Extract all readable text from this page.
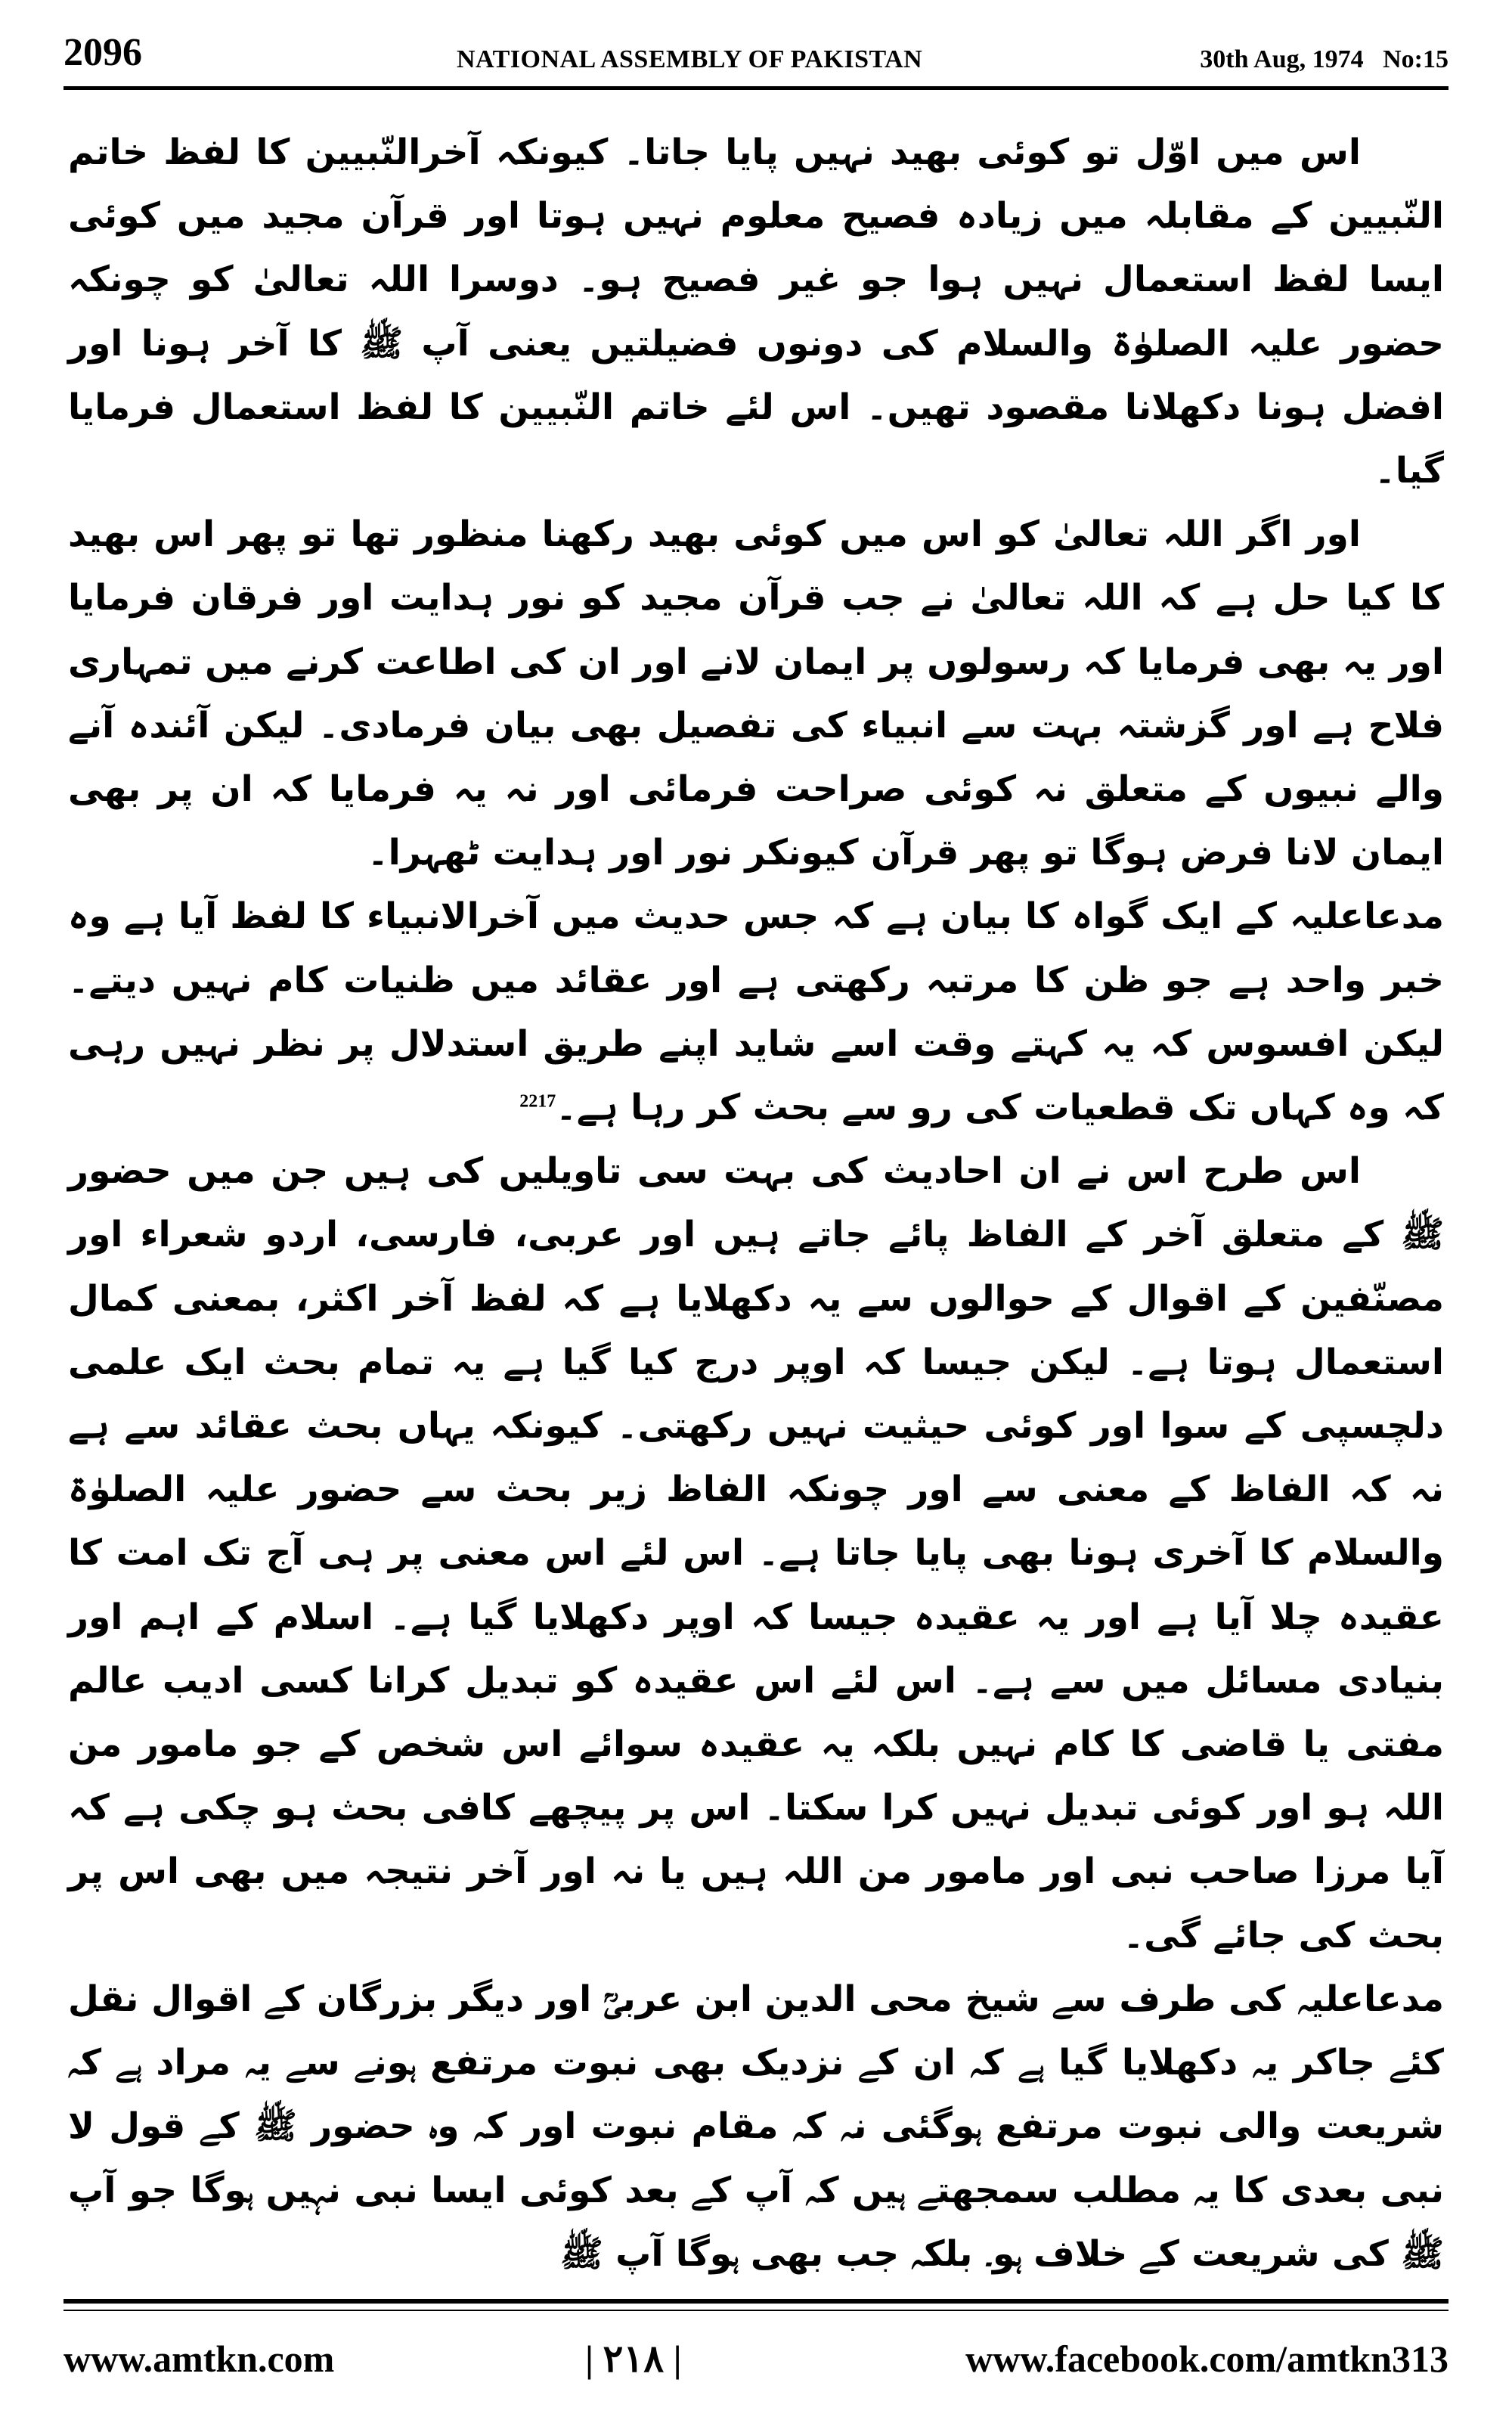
2096	NATIONAL ASSEMBLY OF PAKISTAN	30th Aug, 1974   No:15

اس میں اوّل تو کوئی بھید نہیں پایا جاتا۔ کیونکہ آخرالنّبیین کا لفظ خاتم النّبیین کے مقابلہ میں زیادہ فصیح معلوم نہیں ہوتا اور قرآن مجید میں کوئی ایسا لفظ استعمال نہیں ہوا جو غیر فصیح ہو۔ دوسرا اللہ تعالیٰ کو چونکہ حضور علیہ الصلوٰۃ والسلام کی دونوں فضیلتیں یعنی آپ ﷺ کا آخر ہونا اور افضل ہونا دکھلانا مقصود تھیں۔ اس لئے خاتم النّبیین کا لفظ استعمال فرمایا گیا۔

اور اگر اللہ تعالیٰ کو اس میں کوئی بھید رکھنا منظور تھا تو پھر اس بھید کا کیا حل ہے کہ اللہ تعالیٰ نے جب قرآن مجید کو نور ہدایت اور فرقان فرمایا اور یہ بھی فرمایا کہ رسولوں پر ایمان لانے اور ان کی اطاعت کرنے میں تمہاری فلاح ہے اور گزشتہ بہت سے انبیاء کی تفصیل بھی بیان فرمادی۔ لیکن آئندہ آنے والے نبیوں کے متعلق نہ کوئی صراحت فرمائی اور نہ یہ فرمایا کہ ان پر بھی ایمان لانا فرض ہوگا تو پھر قرآن کیونکر نور اور ہدایت ٹھہرا۔

مدعاعلیہ کے ایک گواہ کا بیان ہے کہ جس حدیث میں آخرالانبیاء کا لفظ آیا ہے وہ خبر واحد ہے جو ظن کا مرتبہ رکھتی ہے اور عقائد میں ظنیات کام نہیں دیتے۔ لیکن افسوس کہ یہ کہتے وقت اسے شاید اپنے طریق استدلال پر نظر نہیں رہی کہ وہ کہاں تک قطعیات کی رو سے بحث کر رہا ہے۔$^{2217}$

اس طرح اس نے ان احادیث کی بہت سی تاویلیں کی ہیں جن میں حضور ﷺ کے متعلق آخر کے الفاظ پائے جاتے ہیں اور عربی، فارسی، اردو شعراء اور مصنّفین کے اقوال کے حوالوں سے یہ دکھلایا ہے کہ لفظ آخر اکثر، بمعنی کمال استعمال ہوتا ہے۔ لیکن جیسا کہ اوپر درج کیا گیا ہے یہ تمام بحث ایک علمی دلچسپی کے سوا اور کوئی حیثیت نہیں رکھتی۔ کیونکہ یہاں بحث عقائد سے ہے نہ کہ الفاظ کے معنی سے اور چونکہ الفاظ زیر بحث سے حضور علیہ الصلوٰۃ والسلام کا آخری ہونا بھی پایا جاتا ہے۔ اس لئے اس معنی پر ہی آج تک امت کا عقیدہ چلا آیا ہے اور یہ عقیدہ جیسا کہ اوپر دکھلایا گیا ہے۔ اسلام کے اہم اور بنیادی مسائل میں سے ہے۔ اس لئے اس عقیدہ کو تبدیل کرانا کسی ادیب عالم مفتی یا قاضی کا کام نہیں بلکہ یہ عقیدہ سوائے اس شخص کے جو مامور من اللہ ہو اور کوئی تبدیل نہیں کرا سکتا۔ اس پر پیچھے کافی بحث ہو چکی ہے کہ آیا مرزا صاحب نبی اور مامور من اللہ ہیں یا نہ اور آخر نتیجہ میں بھی اس پر بحث کی جائے گی۔

مدعاعلیہ کی طرف سے شیخ محی الدین ابن عربیؒ اور دیگر بزرگان کے اقوال نقل کئے جاکر یہ دکھلایا گیا ہے کہ ان کے نزدیک بھی نبوت مرتفع ہونے سے یہ مراد ہے کہ شریعت والی نبوت مرتفع ہوگئی نہ کہ مقام نبوت اور کہ وہ حضور ﷺ کے قول لا نبی بعدی کا یہ مطلب سمجھتے ہیں کہ آپ کے بعد کوئی ایسا نبی نہیں ہوگا جو آپ ﷺ کی شریعت کے خلاف ہو۔ بلکہ جب بھی ہوگا آپ ﷺ

www.amtkn.com	| ٢١٨ |	www.facebook.com/amtkn313
